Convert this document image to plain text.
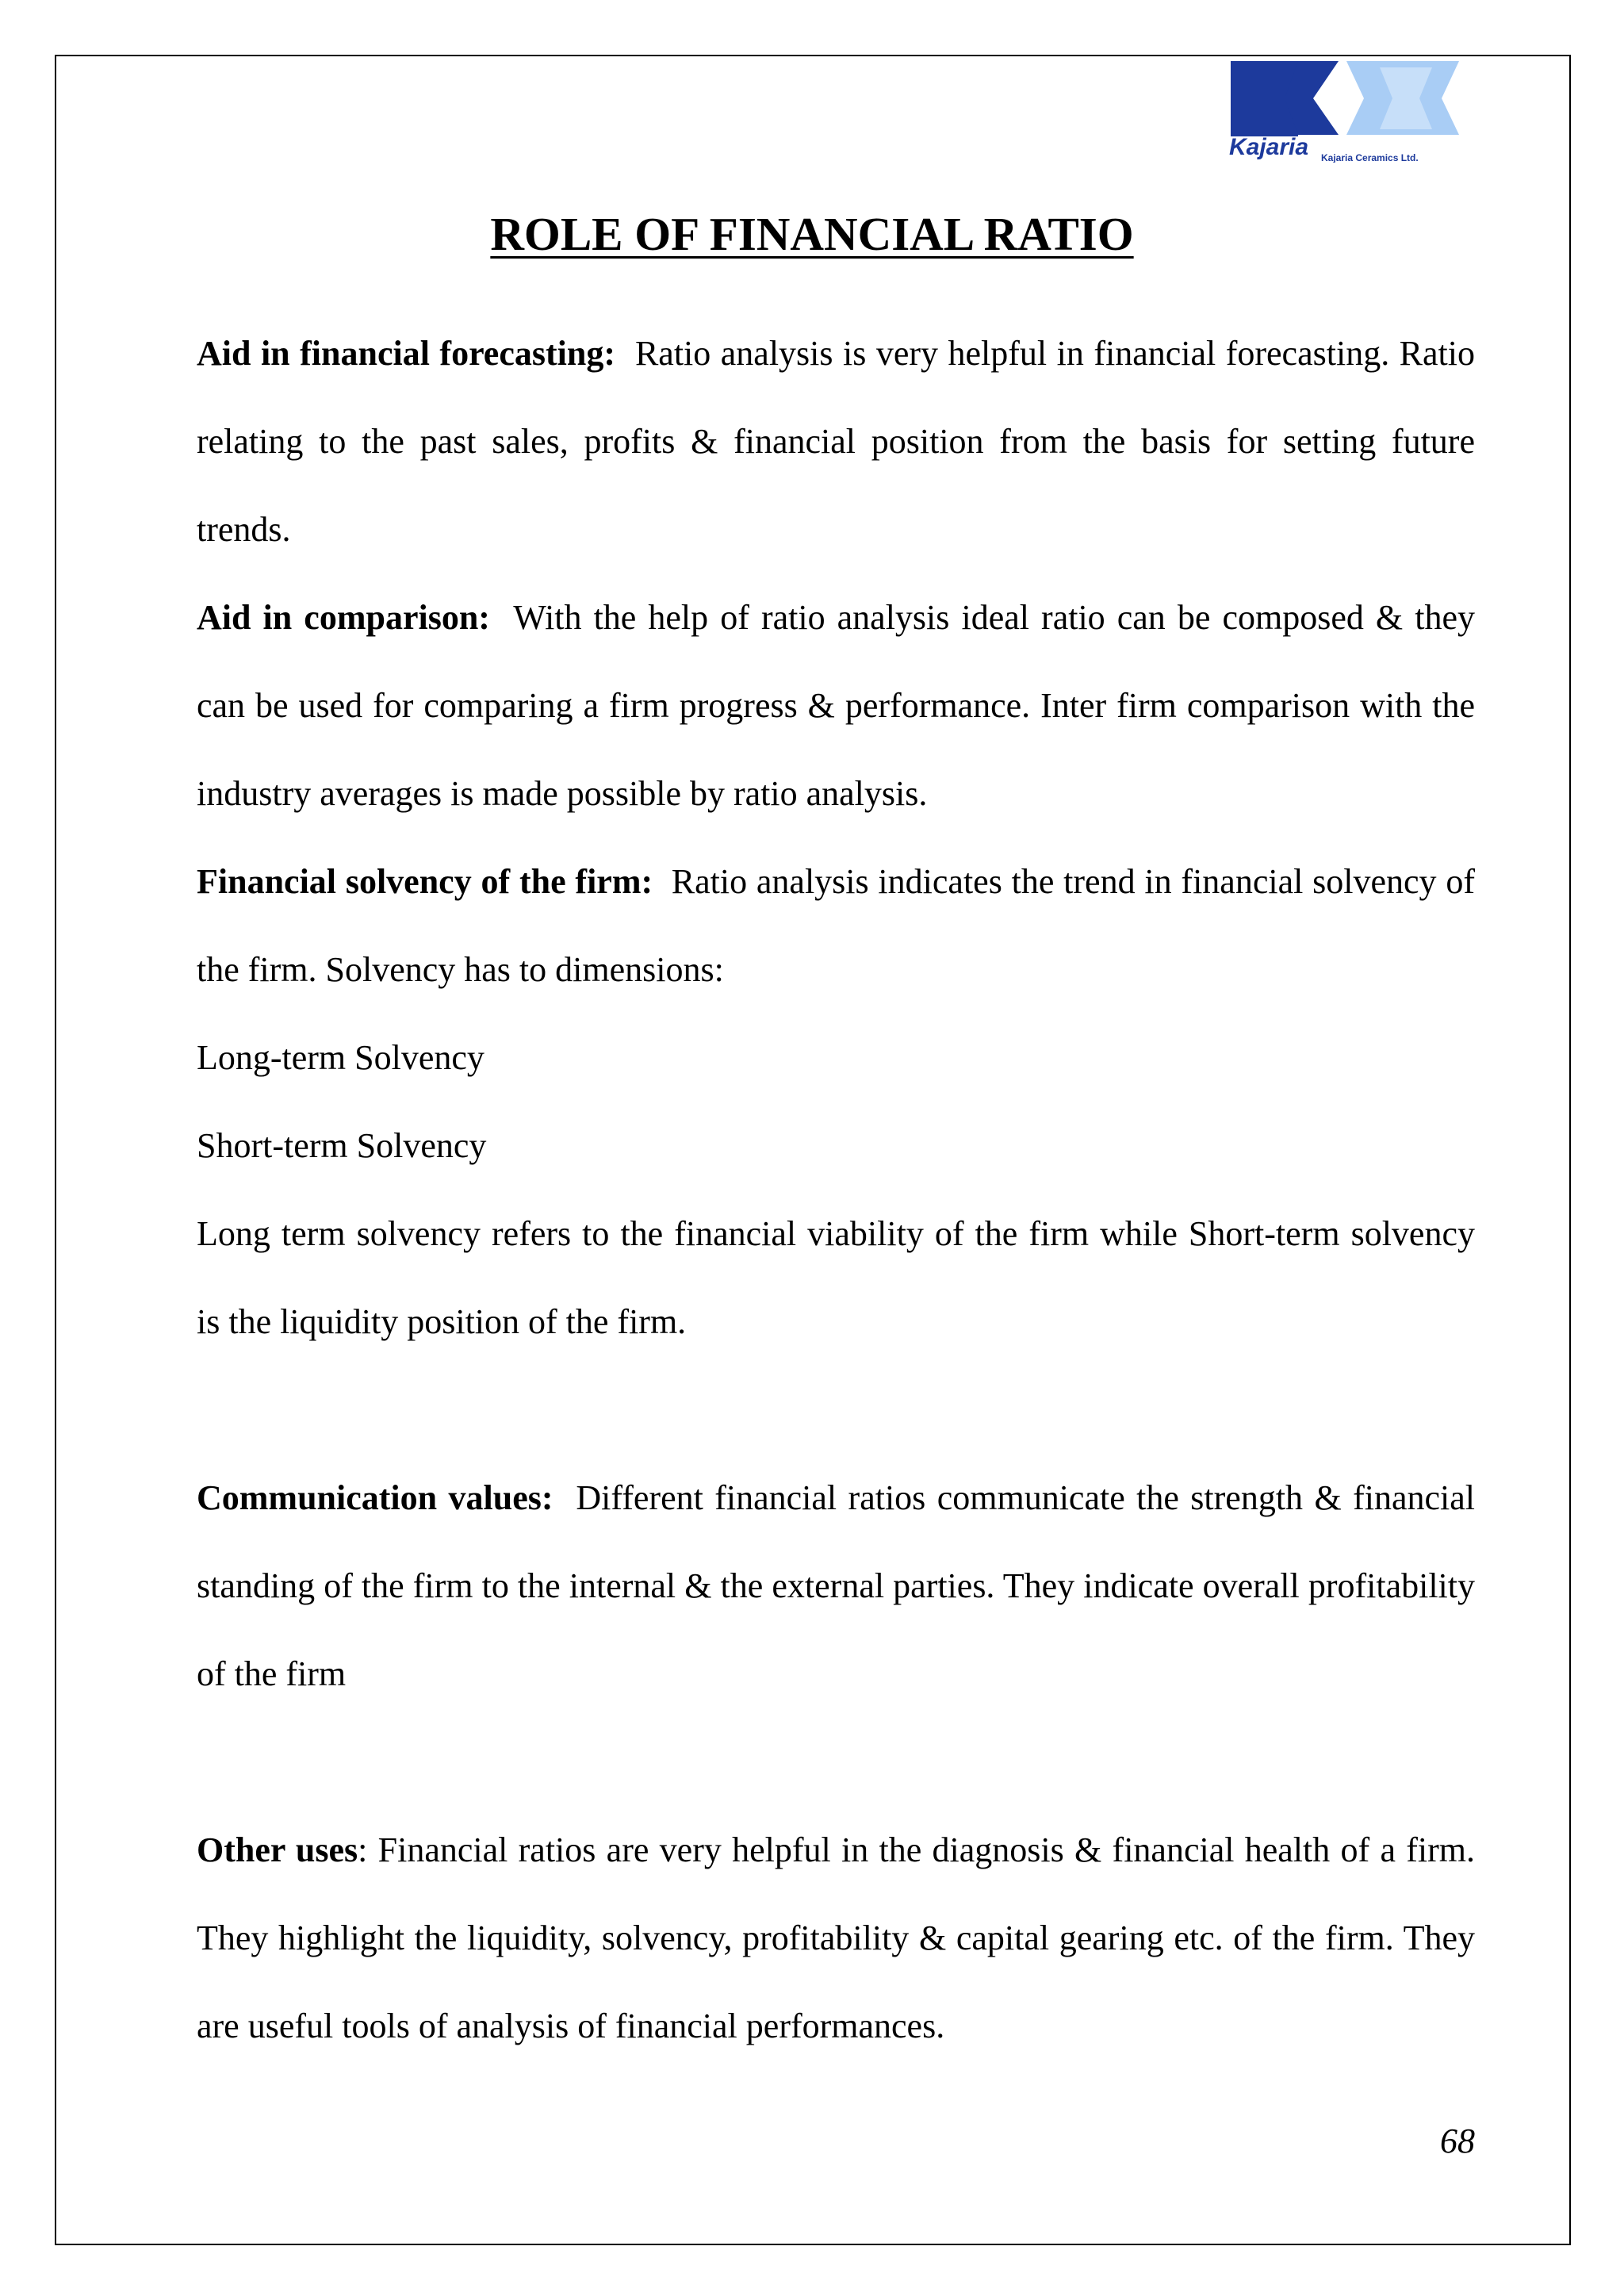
Kajaria Kajaria Ceramics Ltd.
ROLE OF FINANCIAL RATIO

Aid in financial forecasting: Ratio analysis is very helpful in financial forecasting. Ratio relating to the past sales, profits & financial position from the basis for setting future trends.

Aid in comparison: With the help of ratio analysis ideal ratio can be composed & they can be used for comparing a firm progress & performance. Inter firm comparison with the industry averages is made possible by ratio analysis.

Financial solvency of the firm: Ratio analysis indicates the trend in financial solvency of the firm. Solvency has to dimensions:

Long-term Solvency

Short-term Solvency

Long term solvency refers to the financial viability of the firm while Short-term solvency is the liquidity position of the firm.

Communication values: Different financial ratios communicate the strength & financial standing of the firm to the internal & the external parties. They indicate overall profitability of the firm

Other uses: Financial ratios are very helpful in the diagnosis & financial health of a firm. They highlight the liquidity, solvency, profitability & capital gearing etc. of the firm. They are useful tools of analysis of financial performances.

68
